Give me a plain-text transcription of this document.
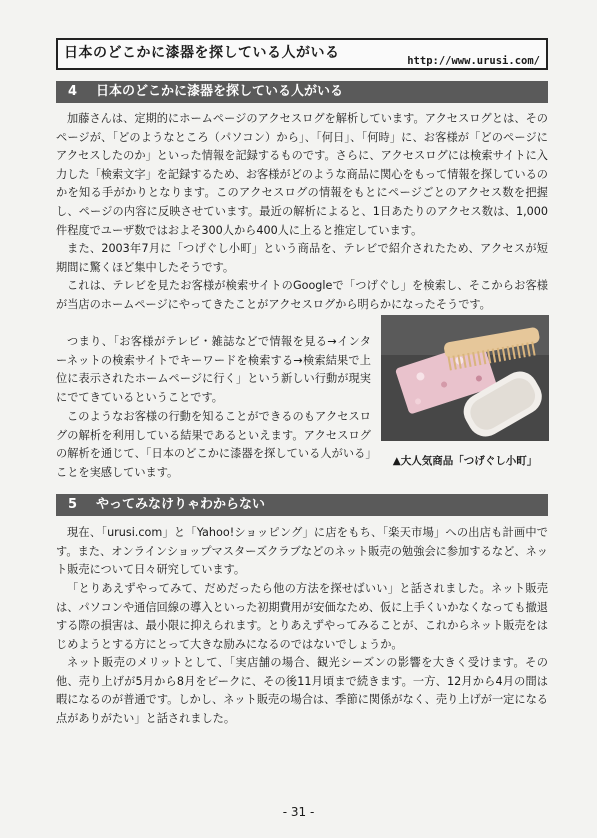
日本のどこかに漆器を探している人がいる	http://www.urusi.com/
4 日本のどこかに漆器を探している人がいる

加藤さんは、定期的にホームページのアクセスログを解析しています。アクセスログとは、そのページが、「どのようなところ（パソコン）から」、「何日」、「何時」に、お客様が「どのページにアクセスしたのか」といった情報を記録するものです。さらに、アクセスログには検索サイトに入力した「検索文字」を記録するため、お客様がどのような商品に関心をもって情報を探しているのかを知る手がかりとなります。このアクセスログの情報をもとにページごとのアクセス数を把握し、ページの内容に反映させています。最近の解析によると、1日あたりのアクセス数は、1,000件程度でユーザ数ではおよそ300人から400人に上ると推定しています。

また、2003年7月に「つげぐし小町」という商品を、テレビで紹介されたため、アクセスが短期間に驚くほど集中したそうです。

これは、テレビを見たお客様が検索サイトのGoogleで「つげぐし」を検索し、そこからお客様が当店のホームページにやってきたことがアクセスログから明らかになったそうです。

つまり、「お客様がテレビ・雑誌などで情報を見る→インターネットの検索サイトでキーワードを検索する→検索結果で上位に表示されたホームページに行く」という新しい行動が現実にでてきているということです。

このようなお客様の行動を知ることができるのもアクセスログの解析を利用している結果であるといえます。アクセスログの解析を通じて、「日本のどこかに漆器を探している人がいる」ことを実感しています。

▲大人気商品「つげぐし小町」
5 やってみなけりゃわからない

現在、「urusi.com」と「Yahoo!ショッピング」に店をもち、「楽天市場」への出店も計画中です。また、オンラインショップマスターズクラブなどのネット販売の勉強会に参加するなど、ネット販売について日々研究しています。

「とりあえずやってみて、だめだったら他の方法を探せばいい」と話されました。ネット販売は、パソコンや通信回線の導入といった初期費用が安価なため、仮に上手くいかなくなっても撤退する際の損害は、最小限に抑えられます。とりあえずやってみることが、これからネット販売をはじめようとする方にとって大きな励みになるのではないでしょうか。

ネット販売のメリットとして、「実店舗の場合、観光シーズンの影響を大きく受けます。その他、売り上げが5月から8月をピークに、その後11月頃まで続きます。一方、12月から4月の間は暇になるのが普通です。しかし、ネット販売の場合は、季節に関係がなく、売り上げが一定になる点がありがたい」と話されました。

- 31 -
